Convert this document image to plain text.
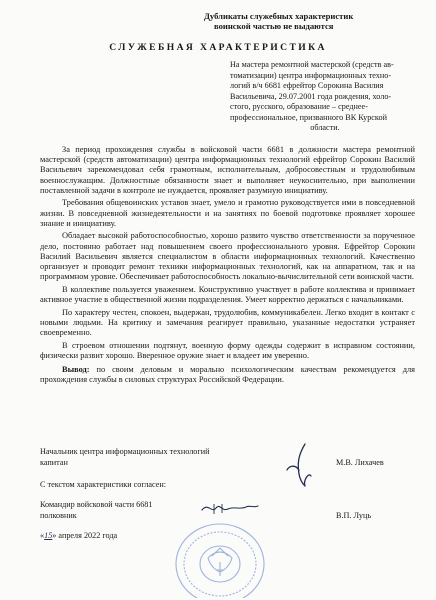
Дубликаты служебных характеристик
воинской частью не выдаются
СЛУЖЕБНАЯ ХАРАКТЕРИСТИКА
На мастера ремонтной мастерской (средств ав-
томатизации) центра информационных техно-
логий в/ч 6681 ефрейтор Сорокина Василия
Васильевича, 29.07.2001 года рождения, холо-
стого, русского, образование – среднее-
профессиональное, призванного ВК Курской
области.

За период прохождения службы в войсковой части 6681 в должности мастера ремонтной мастерской (средств автоматизации) центра информационных технологий ефрейтор Сорокин Василий Васильевич зарекомендовал себя грамотным, исполнительным, добросовестным и трудолюбивым военнослужащим. Должностные обязанности знает и выполняет неукоснительно, при выполнении поставленной задачи в контроле не нуждается, проявляет разумную инициативу.

Требования общевоинских уставов знает, умело и грамотно руководствуется ими в повседневной жизни. В повседневной жизнедеятельности и на занятиях по боевой подготовке проявляет хорошее знание и инициативу.

Обладает высокой работоспособностью, хорошо развито чувство ответственности за порученное дело, постоянно работает над повышением своего профессионального уровня. Ефрейтор Сорокин Василий Васильевич является специалистом в области информационных технологий. Качественно организует и проводит ремонт техники информационных технологий, как на аппаратном, так и на программном уровне. Обеспечивает работоспособность локально-вычислительной сети воинской части.

В коллективе пользуется уважением. Конструктивно участвует в работе коллектива и принимает активное участие в общественной жизни подразделения. Умеет корректно держаться с начальниками.

По характеру честен, спокоен, выдержан, трудолюбив, коммуникабелен. Легко входит в контакт с новыми людьми. На критику и замечания реагирует правильно, указанные недостатки устраняет своевременно.

В строевом отношении подтянут, военную форму одежды содержит в исправном состоянии, физически развит хорошо. Вверенное оружие знает и владеет им уверенно.

Вывод: по своим деловым и морально психологическим качествам рекомендуется для прохождения службы в силовых структурах Российской Федерации.

Начальник центра информационных технологий
капитан	М.В. Лихачев
С текстом характеристики согласен:
Командир войсковой части 6681
полковник	В.П. Луць
«15» апреля 2022 года
